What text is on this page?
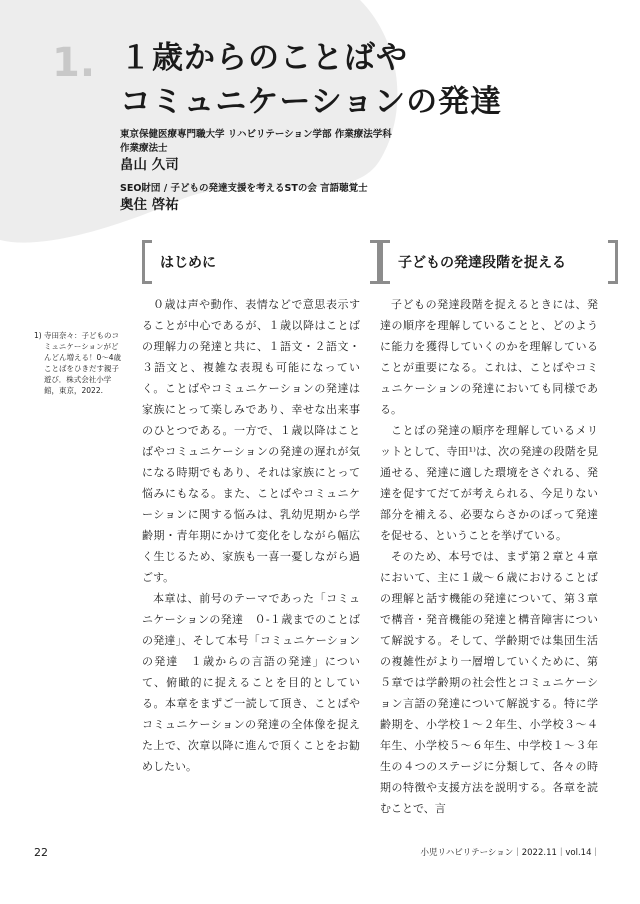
1. １歳からのことばや
コミュニケーションの発達
東京保健医療専門職大学 リハビリテーション学部 作業療法学科
作業療法士
畠山 久司
SEO財団 / 子どもの発達支援を考えるSTの会 言語聴覚士
奥住 啓祐
はじめに	子どもの発達段階を捉える
1) 寺田奈々：子どものコミュニケーションがどんどん増える！0～4歳　ことばをひきだす親子遊び．株式会社小学館，東京，2022.

０歳は声や動作、表情などで意思表示することが中心であるが、１歳以降はことばの理解力の発達と共に、１語文・２語文・３語文と、複雑な表現も可能になっていく。ことばやコミュニケーションの発達は家族にとって楽しみであり、幸せな出来事のひとつである。一方で、１歳以降はことばやコミュニケーションの発達の遅れが気になる時期でもあり、それは家族にとって悩みにもなる。また、ことばやコミュニケーションに関する悩みは、乳幼児期から学齢期・青年期にかけて変化をしながら幅広く生じるため、家族も一喜一憂しながら過ごす。

本章は、前号のテーマであった「コミュニケーションの発達　０-１歳までのことばの発達」、そして本号「コミュニケーションの発達　１歳からの言語の発達」について、俯瞰的に捉えることを目的としている。本章をまずご一読して頂き、ことばやコミュニケーションの発達の全体像を捉えた上で、次章以降に進んで頂くことをお勧めしたい。

子どもの発達段階を捉えるときには、発達の順序を理解していることと、どのように能力を獲得していくのかを理解していることが重要になる。これは、ことばやコミュニケーションの発達においても同様である。

ことばの発達の順序を理解しているメリットとして、寺田¹⁾は、次の発達の段階を見通せる、発達に適した環境をさぐれる、発達を促すてだてが考えられる、今足りない部分を補える、必要ならさかのぼって発達を促せる、ということを挙げている。

そのため、本号では、まず第２章と４章において、主に１歳～６歳におけることばの理解と話す機能の発達について、第３章で構音・発音機能の発達と構音障害について解説する。そして、学齢期では集団生活の複雑性がより一層増していくために、第５章では学齢期の社会性とコミュニケーション言語の発達について解説する。特に学齢期を、小学校１～２年生、小学校３～４年生、小学校５～６年生、中学校１～３年生の４つのステージに分類して、各々の時期の特徴や支援方法を説明する。各章を読むことで、言

22	小児リハビリテーション｜2022.11｜vol.14｜
